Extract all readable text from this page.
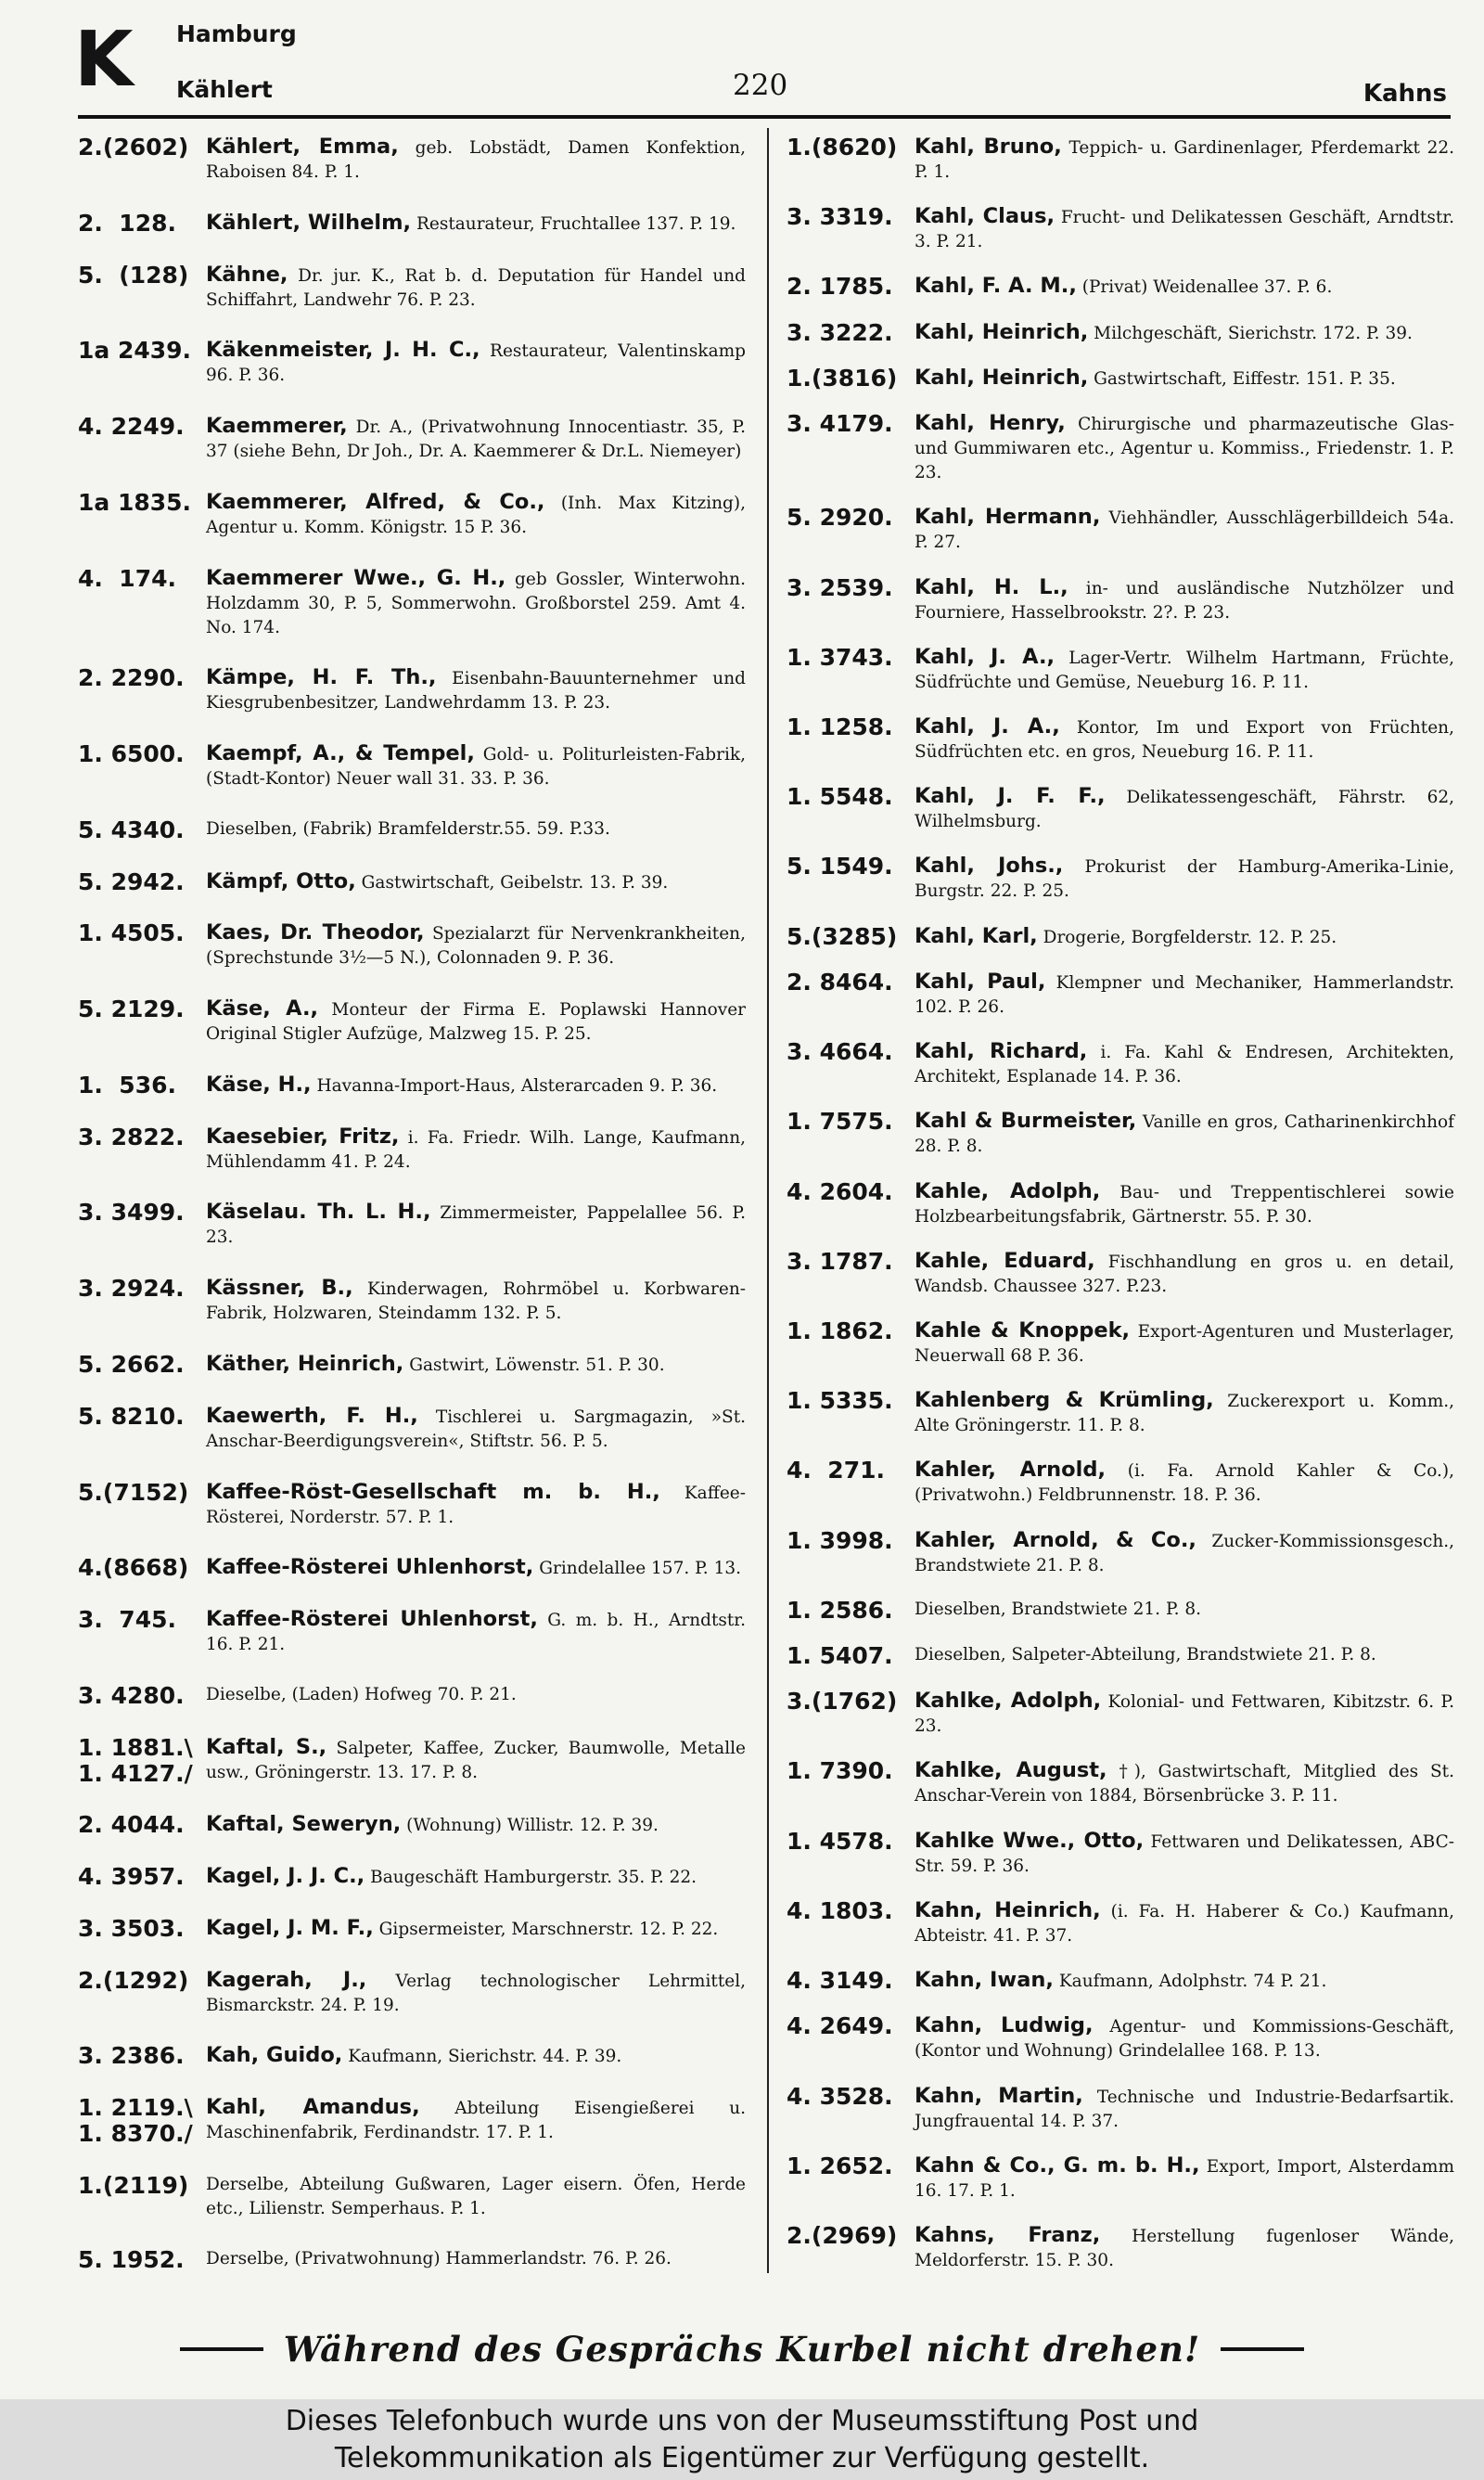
K Hamburg
Kählert	220	Kahns
2.(2602) Kählert, Emma, geb. Lobstädt, Damen Konfektion, Raboisen 84. P. 1.
2.  128.	Kählert, Wilhelm, Restaurateur, Fruchtallee 137. P. 19.
5.  (128) Kähne, Dr. jur. K., Rat b. d. Deputation für Handel und Schiffahrt, Landwehr 76. P. 23.
1a 2439. Käkenmeister, J. H. C., Restaurateur, Valentinskamp 96. P. 36.
4. 2249.	Kaemmerer, Dr. A., (Privatwohnung Innocentiastr. 35, P. 37 (siehe Behn, Dr Joh., Dr. A. Kaemmerer & Dr.L. Niemeyer)
1a 1835. Kaemmerer, Alfred, & Co., (Inh. Max Kitzing), Agentur u. Komm. Königstr. 15 P. 36.
4.  174.	Kaemmerer Wwe., G. H., geb Gossler, Winterwohn. Holzdamm 30, P. 5, Sommerwohn. Großborstel 259. Amt 4. No. 174.
2. 2290.	Kämpe, H. F. Th., Eisenbahn-Bauunternehmer und Kiesgrubenbesitzer, Landwehrdamm 13. P. 23.
1. 6500.	Kaempf, A., & Tempel, Gold- u. Politurleisten-Fabrik, (Stadt-Kontor) Neuer wall 31. 33. P. 36.
5. 4340.	Dieselben, (Fabrik) Bramfelderstr.55. 59. P.33.
5. 2942.	Kämpf, Otto, Gastwirtschaft, Geibelstr. 13. P. 39.
1. 4505.	Kaes, Dr. Theodor, Spezialarzt für Nervenkrankheiten, (Sprechstunde 3½—5 N.), Colonnaden 9. P. 36.
5. 2129.	Käse, A., Monteur der Firma E. Poplawski Hannover Original Stigler Aufzüge, Malzweg 15. P. 25.
1.  536.	Käse, H., Havanna-Import-Haus, Alsterarcaden 9. P. 36.
3. 2822.	Kaesebier, Fritz, i. Fa. Friedr. Wilh. Lange, Kaufmann, Mühlendamm 41. P. 24.
3. 3499.	Käselau. Th. L. H., Zimmermeister, Pappelallee 56. P. 23.
3. 2924.	Kässner, B., Kinderwagen, Rohrmöbel u. Korbwaren-Fabrik, Holzwaren, Steindamm 132. P. 5.
5. 2662.	Käther, Heinrich, Gastwirt, Löwenstr. 51. P. 30.
5. 8210.	Kaewerth, F. H., Tischlerei u. Sargmagazin, »St. Anschar-Beerdigungsverein«, Stiftstr. 56. P. 5.
5.(7152) Kaffee-Röst-Gesellschaft m. b. H., Kaffee-Rösterei, Norderstr. 57. P. 1.
4.(8668) Kaffee-Rösterei Uhlenhorst, Grindelallee 157. P. 13.
3.  745.	Kaffee-Rösterei Uhlenhorst, G. m. b. H., Arndtstr. 16. P. 21.
3. 4280.	Dieselbe, (Laden) Hofweg 70. P. 21.
1. 1881.\
1. 4127./
Kaftal, S., Salpeter, Kaffee, Zucker, Baumwolle, Metalle usw., Gröningerstr. 13. 17. P. 8.
2. 4044.	Kaftal, Seweryn, (Wohnung) Willistr. 12. P. 39.
4. 3957.	Kagel, J. J. C., Baugeschäft Hamburgerstr. 35. P. 22.
3. 3503.	Kagel, J. M. F., Gipsermeister, Marschnerstr. 12. P. 22.
2.(1292) Kagerah, J., Verlag technologischer Lehrmittel, Bismarckstr. 24. P. 19.
3. 2386.	Kah, Guido, Kaufmann, Sierichstr. 44. P. 39.
1. 2119.\
1. 8370./
Kahl, Amandus, Abteilung Eisengießerei u. Maschinenfabrik, Ferdinandstr. 17. P. 1.
1.(2119)	Derselbe, Abteilung Gußwaren, Lager eisern. Öfen, Herde etc., Lilienstr. Semperhaus. P. 1.
5. 1952.	Derselbe, (Privatwohnung) Hammerlandstr. 76. P. 26.
1.(8620) Kahl, Bruno, Teppich- u. Gardinenlager, Pferdemarkt 22. P. 1.
3. 3319.	Kahl, Claus, Frucht- und Delikatessen Geschäft, Arndtstr. 3. P. 21.
2. 1785.	Kahl, F. A. M., (Privat) Weidenallee 37. P. 6.
3. 3222.	Kahl, Heinrich, Milchgeschäft, Sierichstr. 172. P. 39.
1.(3816) Kahl, Heinrich, Gastwirtschaft, Eiffestr. 151. P. 35.
3. 4179.	Kahl, Henry, Chirurgische und pharmazeutische Glas- und Gummiwaren etc., Agentur u. Kommiss., Friedenstr. 1. P. 23.
5. 2920.	Kahl, Hermann, Viehhändler, Ausschlägerbilldeich 54a. P. 27.
3. 2539.	Kahl, H. L., in- und ausländische Nutzhölzer und Fourniere, Hasselbrookstr. 2?. P. 23.
1. 3743.	Kahl, J. A., Lager-Vertr. Wilhelm Hartmann, Früchte, Südfrüchte und Gemüse, Neueburg 16. P. 11.
1. 1258.	Kahl, J. A., Kontor, Im und Export von Früchten, Südfrüchten etc. en gros, Neueburg 16. P. 11.
1. 5548.	Kahl, J. F. F., Delikatessengeschäft, Fährstr. 62, Wilhelmsburg.
5. 1549.	Kahl, Johs., Prokurist der Hamburg-Amerika-Linie, Burgstr. 22. P. 25.
5.(3285) Kahl, Karl, Drogerie, Borgfelderstr. 12. P. 25.
2. 8464.	Kahl, Paul, Klempner und Mechaniker, Hammerlandstr. 102. P. 26.
3. 4664.	Kahl, Richard, i. Fa. Kahl & Endresen, Architekten, Architekt, Esplanade 14. P. 36.
1. 7575.	Kahl & Burmeister, Vanille en gros, Catharinenkirchhof 28. P. 8.
4. 2604.	Kahle, Adolph, Bau- und Treppentischlerei sowie Holzbearbeitungsfabrik, Gärtnerstr. 55. P. 30.
3. 1787.	Kahle, Eduard, Fischhandlung en gros u. en detail, Wandsb. Chaussee 327. P.23.
1. 1862.	Kahle & Knoppek, Export-Agenturen und Musterlager, Neuerwall 68 P. 36.
1. 5335.	Kahlenberg & Krümling, Zuckerexport u. Komm., Alte Gröningerstr. 11. P. 8.
4.  271.	Kahler, Arnold, (i. Fa. Arnold Kahler & Co.), (Privatwohn.) Feldbrunnenstr. 18. P. 36.
1. 3998.	Kahler, Arnold, & Co., Zucker-Kommissionsgesch., Brandstwiete 21. P. 8.
1. 2586.	Dieselben, Brandstwiete 21. P. 8.
1. 5407.	Dieselben, Salpeter-Abteilung, Brandstwiete 21. P. 8.
3.(1762) Kahlke, Adolph, Kolonial- und Fettwaren, Kibitzstr. 6. P. 23.
1. 7390.	Kahlke, August, †), Gastwirtschaft, Mitglied des St. Anschar-Verein von 1884, Börsenbrücke 3. P. 11.
1. 4578.	Kahlke Wwe., Otto, Fettwaren und Delikatessen, ABC-Str. 59. P. 36.
4. 1803.	Kahn, Heinrich, (i. Fa. H. Haberer & Co.) Kaufmann, Abteistr. 41. P. 37.
4. 3149.	Kahn, Iwan, Kaufmann, Adolphstr. 74 P. 21.
4. 2649.	Kahn, Ludwig, Agentur- und Kommissions-Geschäft, (Kontor und Wohnung) Grindelallee 168. P. 13.
4. 3528.	Kahn, Martin, Technische und Industrie-Bedarfsartik. Jungfrauental 14. P. 37.
1. 2652.	Kahn & Co., G. m. b. H., Export, Import, Alsterdamm 16. 17. P. 1.
2.(2969) Kahns, Franz, Herstellung fugenloser Wände, Meldorferstr. 15. P. 30.
Während des Gesprächs Kurbel nicht drehen!
Dieses Telefonbuch wurde uns von der Museumsstiftung Post und
Telekommunikation als Eigentümer zur Verfügung gestellt.
